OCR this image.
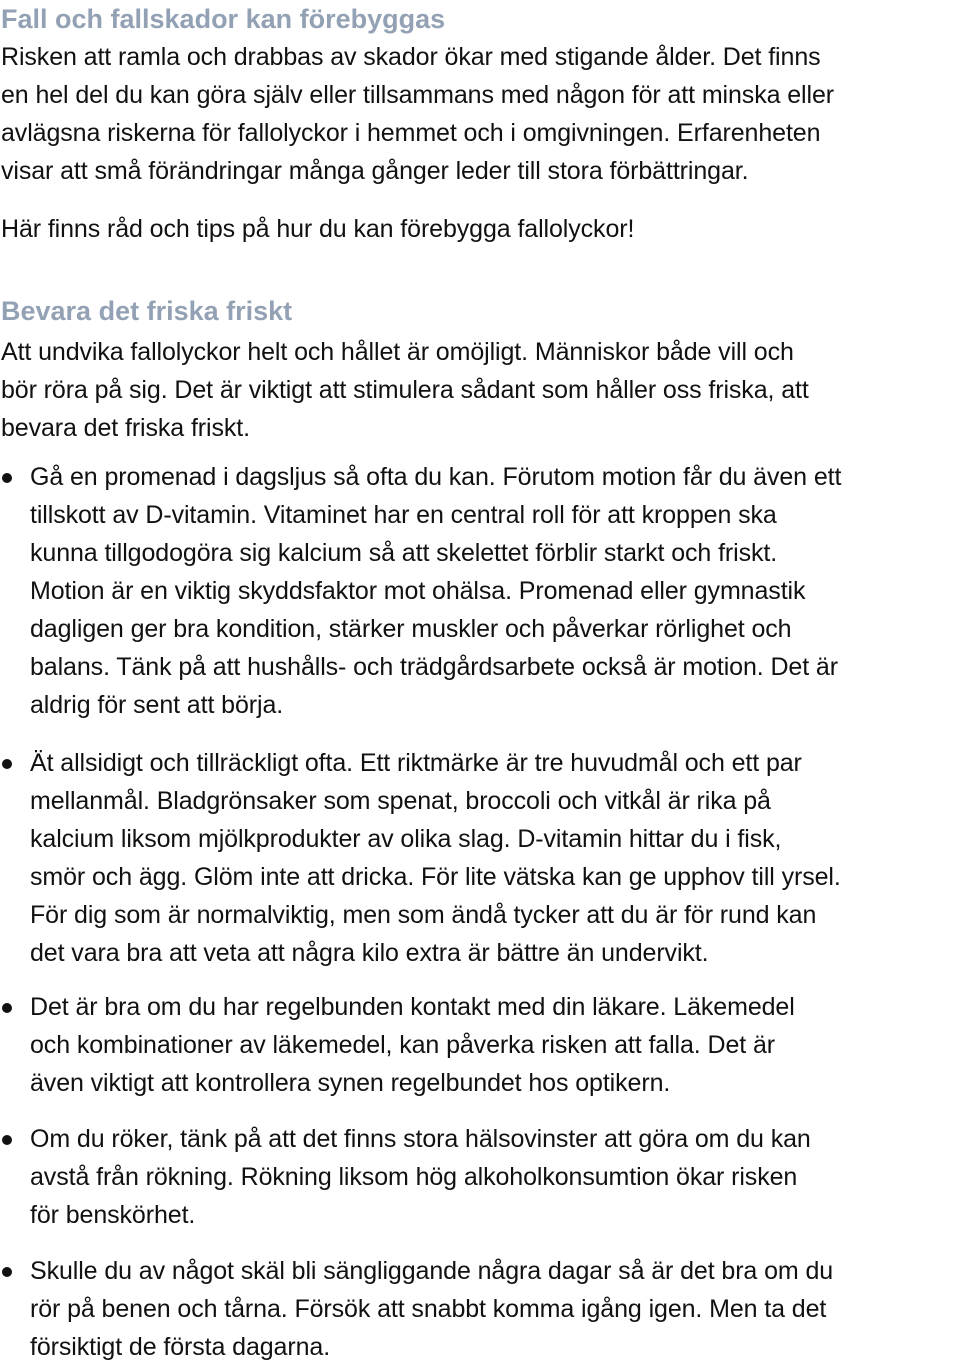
Fall och fallskador kan förebyggas

Risken att ramla och drabbas av skador ökar med stigande ålder. Det finns
en hel del du kan göra själv eller tillsammans med någon för att minska eller
avlägsna riskerna för fallolyckor i hemmet och i omgivningen. Erfarenheten
visar att små förändringar många gånger leder till stora förbättringar.

Här finns råd och tips på hur du kan förebygga fallolyckor!

Bevara det friska friskt

Att undvika fallolyckor helt och hållet är omöjligt. Människor både vill och
bör röra på sig. Det är viktigt att stimulera sådant som håller oss friska, att
bevara det friska friskt.

Gå en promenad i dagsljus så ofta du kan. Förutom motion får du även ett
tillskott av D-vitamin. Vitaminet har en central roll för att kroppen ska
kunna tillgodogöra sig kalcium så att skelettet förblir starkt och friskt.
Motion är en viktig skyddsfaktor mot ohälsa. Promenad eller gymnastik
dagligen ger bra kondition, stärker muskler och påverkar rörlighet och
balans. Tänk på att hushålls- och trädgårdsarbete också är motion. Det är
aldrig för sent att börja.

Ät allsidigt och tillräckligt ofta. Ett riktmärke är tre huvudmål och ett par
mellanmål. Bladgrönsaker som spenat, broccoli och vitkål är rika på
kalcium liksom mjölkprodukter av olika slag. D-vitamin hittar du i fisk,
smör och ägg. Glöm inte att dricka. För lite vätska kan ge upphov till yrsel.
För dig som är normalviktig, men som ändå tycker att du är för rund kan
det vara bra att veta att några kilo extra är bättre än undervikt.

Det är bra om du har regelbunden kontakt med din läkare. Läkemedel
och kombinationer av läkemedel, kan påverka risken att falla. Det är
även viktigt att kontrollera synen regelbundet hos optikern.

Om du röker, tänk på att det finns stora hälsovinster att göra om du kan
avstå från rökning. Rökning liksom hög alkoholkonsumtion ökar risken
för benskörhet.

Skulle du av något skäl bli sängliggande några dagar så är det bra om du
rör på benen och tårna. Försök att snabbt komma igång igen. Men ta det
försiktigt de första dagarna.
